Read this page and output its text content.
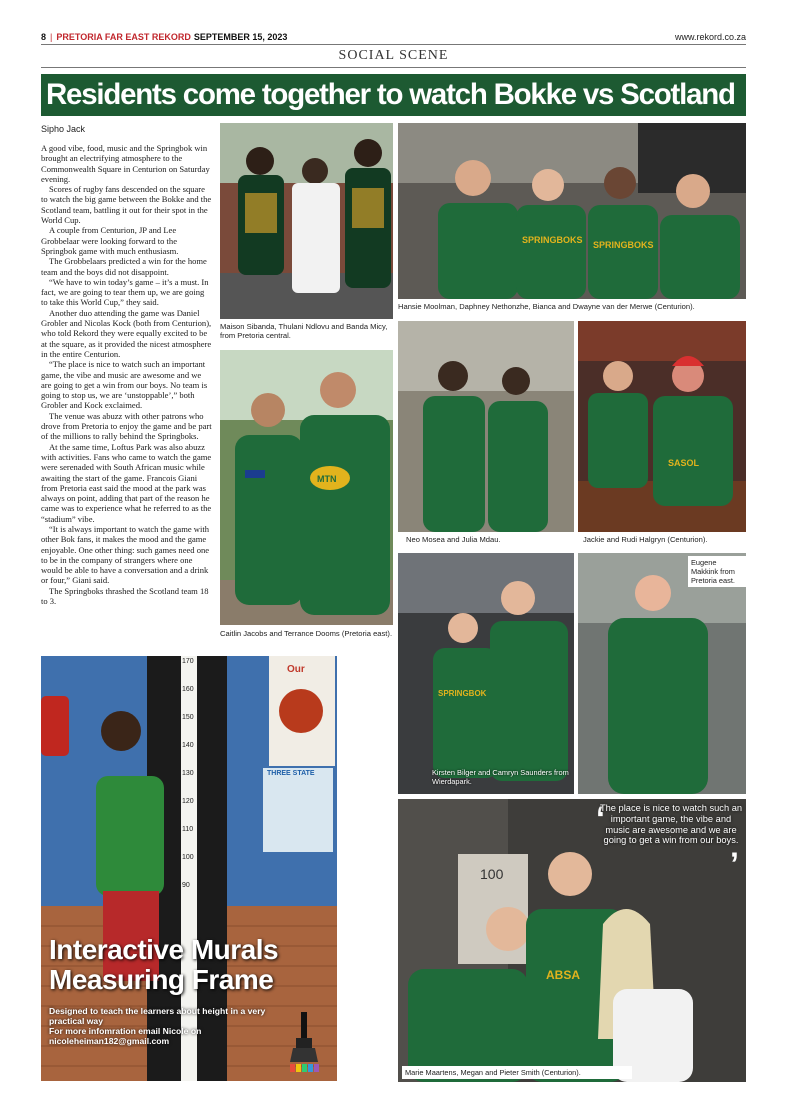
8 | PRETORIA FAR EAST REKORD SEPTEMBER 15, 2023	www.rekord.co.za
SOCIAL SCENE
Residents come together to watch Bokke vs Scotland
Sipho Jack

A good vibe, food, music and the Springbok win brought an electrifying atmosphere to the Commonwealth Square in Centurion on Saturday evening.

Scores of rugby fans descended on the square to watch the big game between the Bokke and the Scotland team, battling it out for their spot in the World Cup.

A couple from Centurion, JP and Lee Grobbelaar were looking forward to the Springbok game with much enthusiasm.

The Grobbelaars predicted a win for the home team and the boys did not disappoint.

“We have to win today’s game – it’s a must. In fact, we are going to tear them up, we are going to take this World Cup,” they said.

Another duo attending the game was Daniel Grobler and Nicolas Kock (both from Centurion), who told Rekord they were equally excited to be at the square, as it provided the nicest atmosphere in the entire Centurion.

“The place is nice to watch such an important game, the vibe and music are awesome and we are going to get a win from our boys. No team is going to stop us, we are ‘unstoppable’,” both Grobler and Kock exclaimed.

The venue was abuzz with other patrons who drove from Pretoria to enjoy the game and be part of the millions to rally behind the Springboks.

At the same time, Loftus Park was also abuzz with activities. Fans who came to watch the game were serenaded with South African music while awaiting the start of the game. Francois Giani from Pretoria east said the mood at the park was always on point, adding that part of the reason he came was to experience what he referred to as the “stadium” vibe.

“It is always important to watch the game with other Bok fans, it makes the mood and the game enjoyable. One other thing: such games need one to be in the company of strangers where one would be able to have a conversation and a drink or four,” Giani said.

The Springboks thrashed the Scotland team 18 to 3.

Maison Sibanda, Thulani Ndlovu and Banda Micy, from Pretoria central.
SPRINGBOKS SPRINGBOKS
Hansie Moolman, Daphney Nethonzhe, Bianca and Dwayne van der Merwe (Centurion).
MTN
Caitlin Jacobs and Terrance Dooms (Pretoria east).
Neo Mosea and Julia Mdau.
SASOL
Jackie and Rudi Halgryn (Centurion).
SPRINGBOK
Kirsten Bilger and Camryn Saunders from Wierdapark.
Eugene Makkink from Pretoria east.
100
ABSA
Marie Maartens, Megan and Pieter Smith (Centurion).
‘
The place is nice to watch such an important game, the vibe and music are awesome and we are going to get a win from our boys.
’
170
160
150
140
130
120
110
100
90
Our
THREE STATE
Interactive Murals
Measuring Frame
Designed to teach the learners about height in a very practical way
For more infomration email Nicole on
nicoleheiman182@gmail.com
